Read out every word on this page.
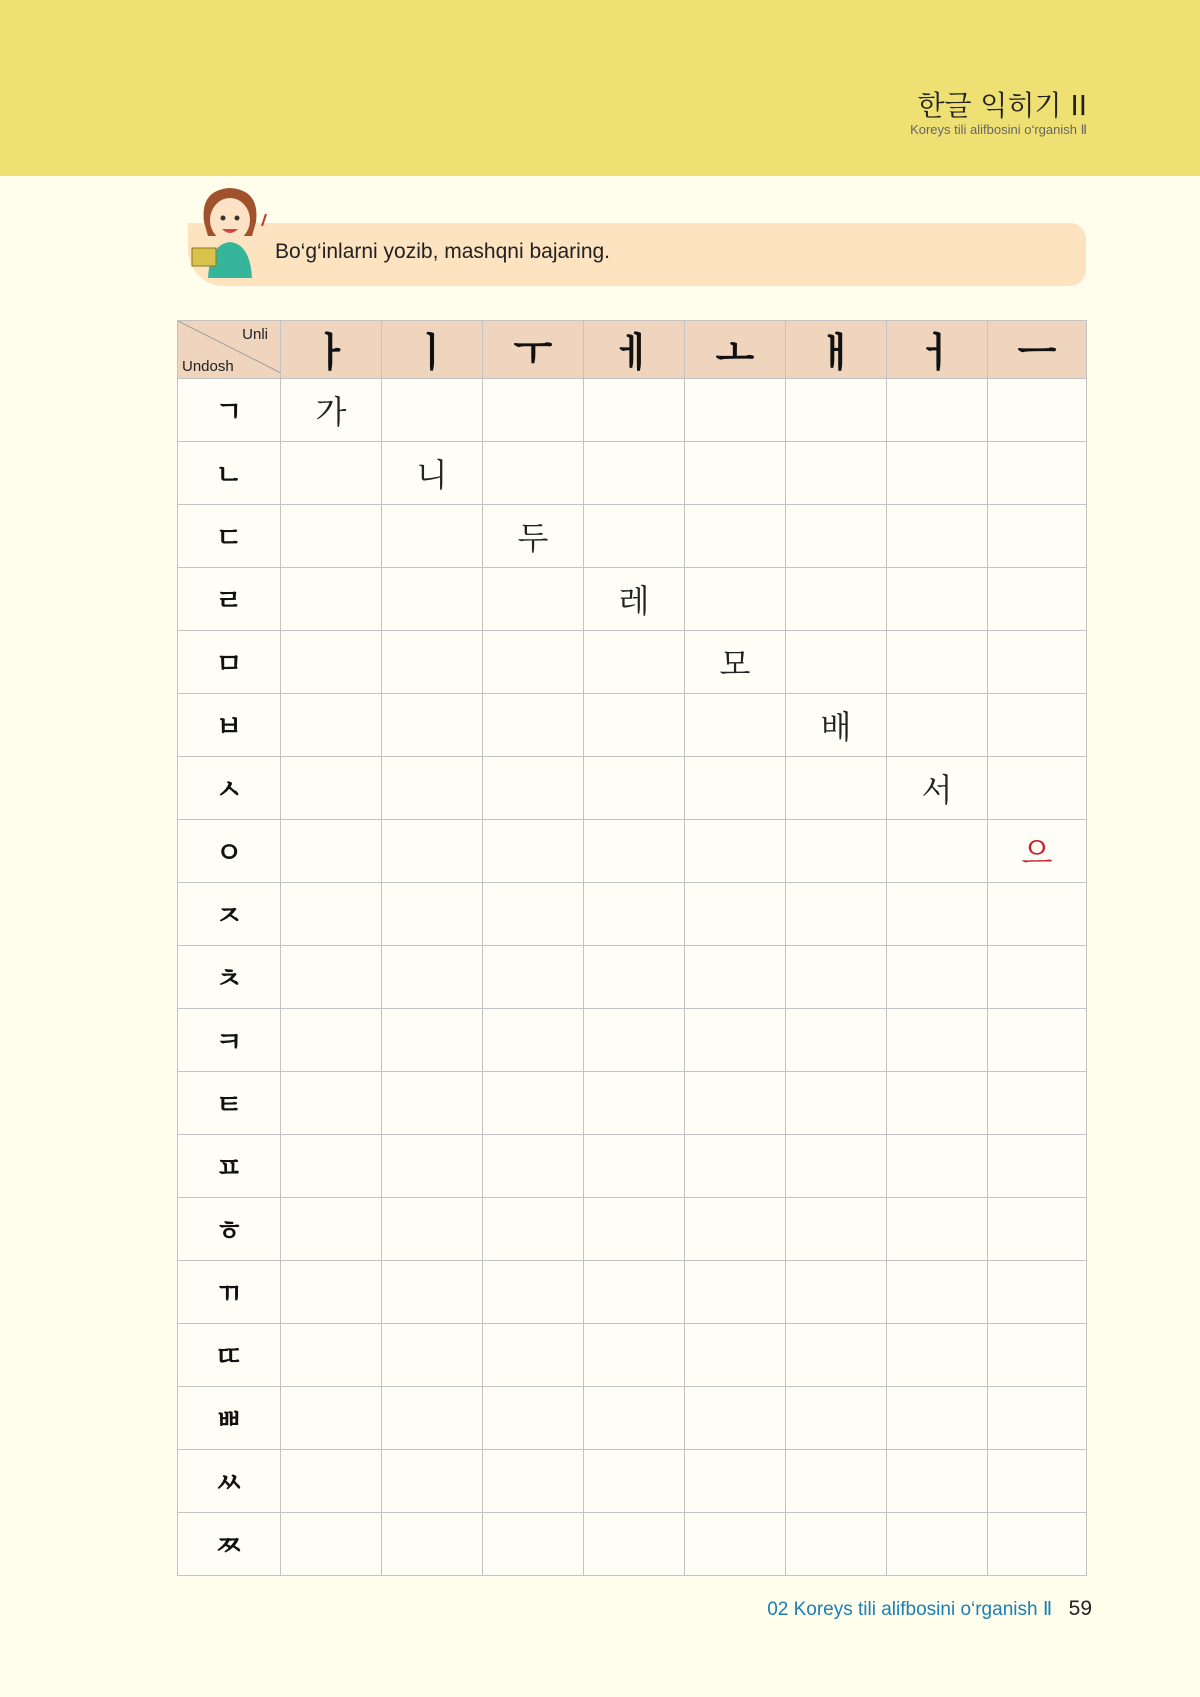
한글 익히기 II
Koreys tili alifbosini o‘rganish Ⅱ
Bo‘g‘inlarni yozib, mashqni bajaring.
Unli
Undosh	ㅏ	ㅣ	ㅜ	ㅔ	ㅗ	ㅐ	ㅓ	ㅡ
ㄱ	가							
ㄴ		니						
ㄷ			두					
ㄹ				레				
ㅁ					모			
ㅂ						배		
ㅅ							서	
ㅇ								으
ㅈ								
ㅊ								
ㅋ								
ㅌ								
ㅍ								
ㅎ								
ㄲ								
ㄸ								
ㅃ								
ㅆ								
ㅉ								
02 Koreys tili alifbosini o‘rganish Ⅱ 59
